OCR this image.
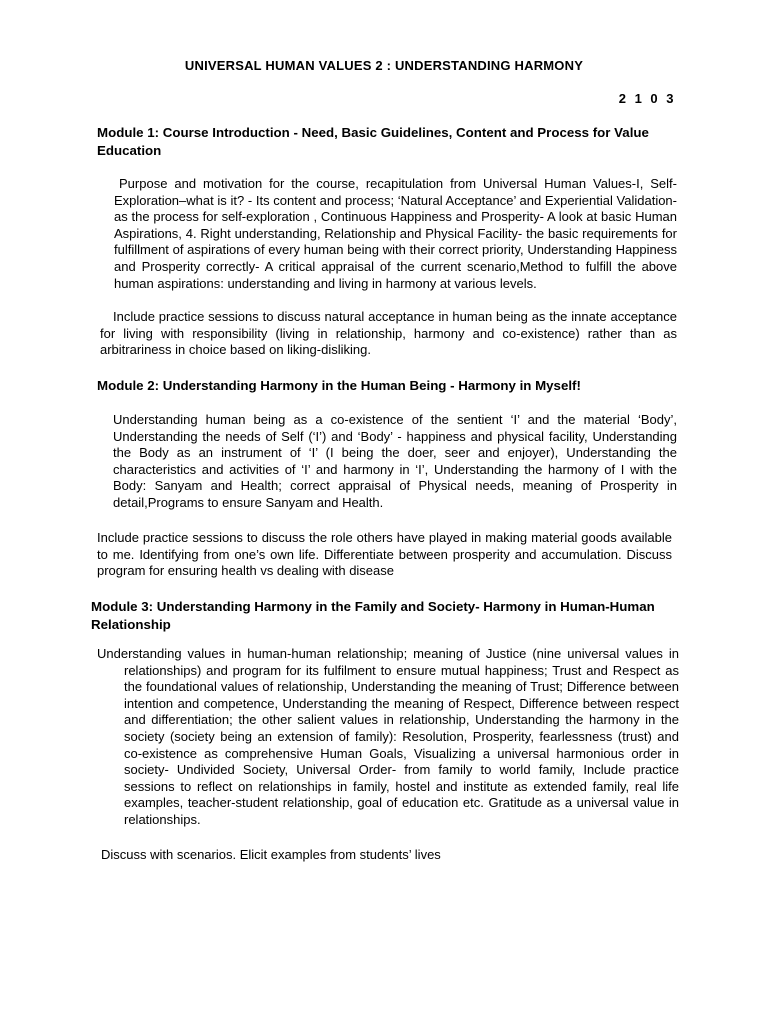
UNIVERSAL HUMAN VALUES 2 : UNDERSTANDING HARMONY
2 1 0 3
Module 1: Course Introduction - Need, Basic Guidelines, Content and Process for Value Education
Purpose and motivation for the course, recapitulation from Universal Human Values-I, Self-Exploration–what is it? - Its content and process; ‘Natural Acceptance’ and Experiential Validation- as the process for self-exploration , Continuous Happiness and Prosperity- A look at basic Human Aspirations, 4. Right understanding, Relationship and Physical Facility- the basic requirements for fulfillment of aspirations of every human being with their correct priority, Understanding Happiness and Prosperity correctly- A critical appraisal of the current scenario,Method to fulfill the above human aspirations: understanding and living in harmony at various levels.
Include practice sessions to discuss natural acceptance in human being as the innate acceptance for living with responsibility (living in relationship, harmony and co-existence) rather than as arbitrariness in choice based on liking-disliking.
Module 2: Understanding Harmony in the Human Being - Harmony in Myself!
Understanding human being as a co-existence of the sentient ‘I’ and the material ‘Body’, Understanding the needs of Self (‘I’) and ‘Body’ - happiness and physical facility, Understanding the Body as an instrument of ‘I’ (I being the doer, seer and enjoyer), Understanding the characteristics and activities of ‘I’ and harmony in ‘I’, Understanding the harmony of I with the Body: Sanyam and Health; correct appraisal of Physical needs, meaning of Prosperity in detail,Programs to ensure Sanyam and Health.
Include practice sessions to discuss the role others have played in making material goods available to me. Identifying from one’s own life. Differentiate between prosperity and accumulation. Discuss program for ensuring health vs dealing with disease
Module 3: Understanding Harmony in the Family and Society- Harmony in Human-Human Relationship

Understanding values in human-human relationship; meaning of Justice (nine universal values in relationships) and program for its fulfilment to ensure mutual happiness; Trust and Respect as the foundational values of relationship, Understanding the meaning of Trust; Difference between intention and competence, Understanding the meaning of Respect, Difference between respect and differentiation; the other salient values in relationship, Understanding the harmony in the society (society being an extension of family): Resolution, Prosperity, fearlessness (trust) and co-existence as comprehensive Human Goals, Visualizing a universal harmonious order in society- Undivided Society, Universal Order- from family to world family, Include practice sessions to reflect on relationships in family, hostel and institute as extended family, real life examples, teacher-student relationship, goal of education etc. Gratitude as a universal value in relationships.

Discuss with scenarios. Elicit examples from students’ lives
